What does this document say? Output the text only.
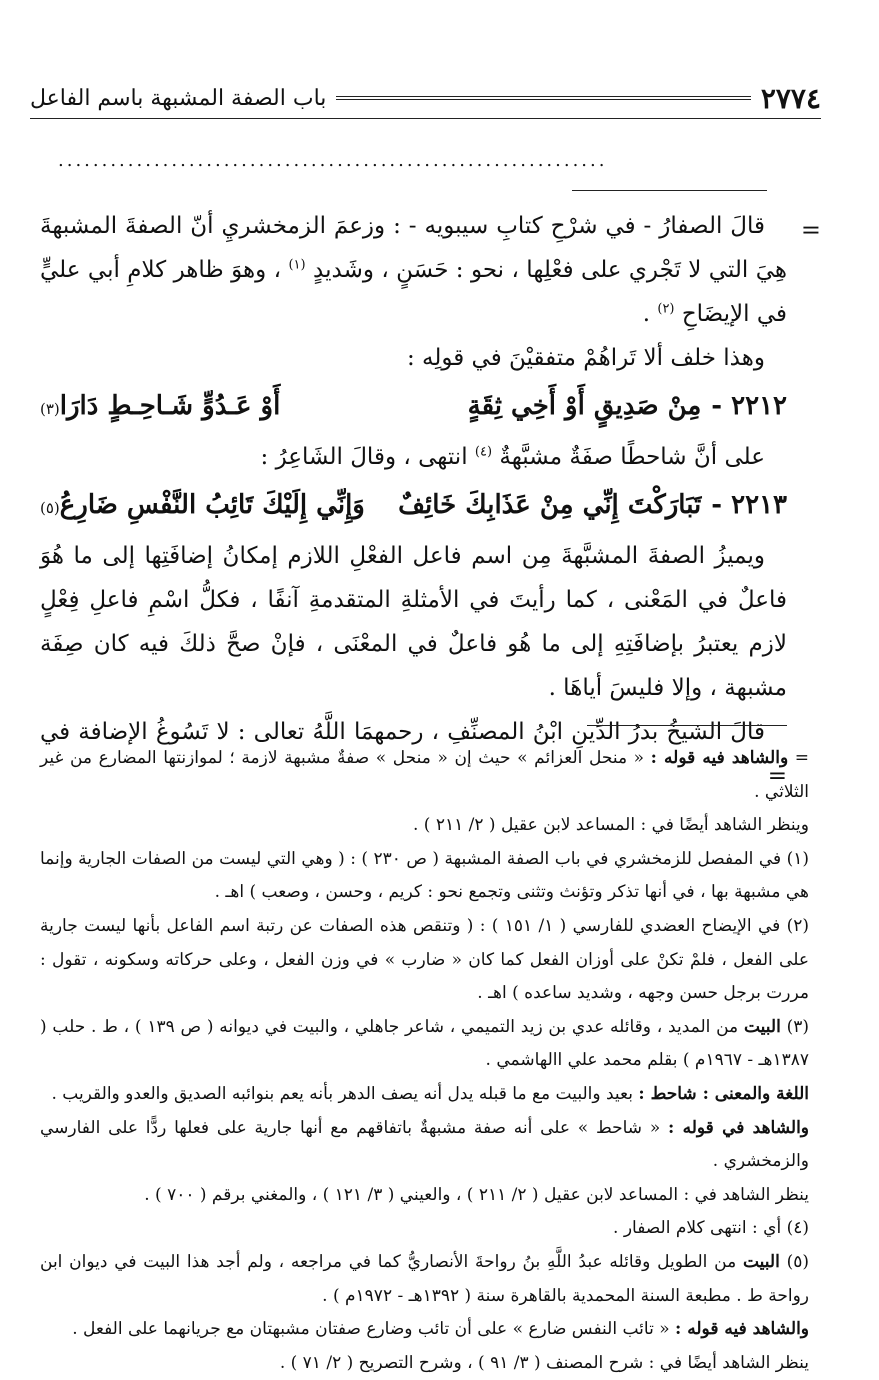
٢٧٧٤
باب الصفة المشبهة باسم الفاعل
...............................................................
=

قالَ الصفارُ - في شرْحِ كتابِ سيبويه - : وزعمَ الزمخشريِ أنّ الصفةَ المشبهةَ هِيَ التي لا تَجْري على فعْلِها ، نحو : حَسَنٍ ، وشَديدٍ $^{(١)}$ ، وهوَ ظاهر كلامِ أبي عليٍّ في الإيضَاحِ $^{(٢)}$ .

وهذا خلف ألا تَراهُمْ متفقيْنَ في قولِه :

٢٢١٢ -
مِنْ صَدِيقٍ أَوْ أَخِي ثِقَةٍ
أَوْ عَـدُوٍّ شَـاحِـطٍ دَارَا
(٣)

على أنَّ شاحطًا صفَةٌ مشبَّهةٌ $^{(٤)}$ انتهى ، وقالَ الشَاعِرُ :

٢٢١٣ -
تَبَارَكْتَ إِنِّي مِنْ عَذَابِكَ خَائِفٌ
وَإِنِّي إِلَيْكَ تَائِبُ النَّفْسِ ضَارِعُ
(٥)

ويميزُ الصفةَ المشبَّهةَ مِن اسم فاعل الفعْلِ اللازم إمكانُ إضافَتِها إلى ما هُوَ فاعلٌ في المَعْنى ، كما رأيتَ في الأمثلةِ المتقدمةِ آنفًا ، فكلُّ اسْمِ فاعلِ فِعْلٍ لازم يعتبرُ بإضافَتِهِ إلى ما هُو فاعلٌ في المعْنَى ، فإنْ صحَّ ذلكَ فيه كان صِفَة مشبهة ، وإلا فليسَ أياهَا .

قالَ الشيخُ بدرُ الدِّينِ ابْنُ المصنِّفِ ، رحمهمَا اللَّهُ تعالى : لا تَسُوغُ الإضافة في =

= والشاهد فيه قوله : « منحل العزائم » حيث إن « منحل » صفةٌ مشبهة لازمة ؛ لموازنتها المضارع من غير الثلاثي .

وينظر الشاهد أيضًا في : المساعد لابن عقيل ( ٢/ ٢١١ ) .

(١) في المفصل للزمخشري في باب الصفة المشبهة ( ص ٢٣٠ ) : ( وهي التي ليست من الصفات الجارية وإنما هي مشبهة بها ، في أنها تذكر وتؤنث وتثنى وتجمع نحو : كريم ، وحسن ، وصعب ) اهـ .

(٢) في الإيضاح العضدي للفارسي ( ١/ ١٥١ ) : ( وتنقص هذه الصفات عن رتبة اسم الفاعل بأنها ليست جارية على الفعل ، فلمْ تكنْ على أوزان الفعل كما كان « ضارب » في وزن الفعل ، وعلى حركاته وسكونه ، تقول : مررت برجل حسن وجهه ، وشديد ساعده ) اهـ .

(٣) البيت من المديد ، وقائله عدي بن زيد التميمي ، شاعر جاهلي ، والبيت في ديوانه ( ص ١٣٩ ) ، ط . حلب ( ١٣٨٧هـ - ١٩٦٧م ) بقلم محمد علي االهاشمي .

اللغة والمعنى : شاحط : بعيد والبيت مع ما قبله يدل أنه يصف الدهر بأنه يعم بنوائبه الصديق والعدو والقريب .

والشاهد في قوله : « شاحط » على أنه صفة مشبهةٌ باتفاقهم مع أنها جارية على فعلها ردًّا على الفارسي والزمخشري .

ينظر الشاهد في : المساعد لابن عقيل ( ٢/ ٢١١ ) ، والعيني ( ٣/ ١٢١ ) ، والمغني برقم ( ٧٠٠ ) .

(٤) أي : انتهى كلام الصفار .

(٥) البيت من الطويل وقائله عبدُ اللَّهِ بنُ رواحةَ الأنصاريُّ كما في مراجعه ، ولم أجد هذا البيت في ديوان ابن رواحة ط . مطبعة السنة المحمدية بالقاهرة سنة ( ١٣٩٢هـ - ١٩٧٢م ) .

والشاهد فيه قوله : « تائب النفس ضارع » على أن تائب وضارع صفتان مشبهتان مع جريانهما على الفعل .

ينظر الشاهد أيضًا في : شرح المصنف ( ٣/ ٩١ ) ، وشرح التصريح ( ٢/ ٧١ ) .
